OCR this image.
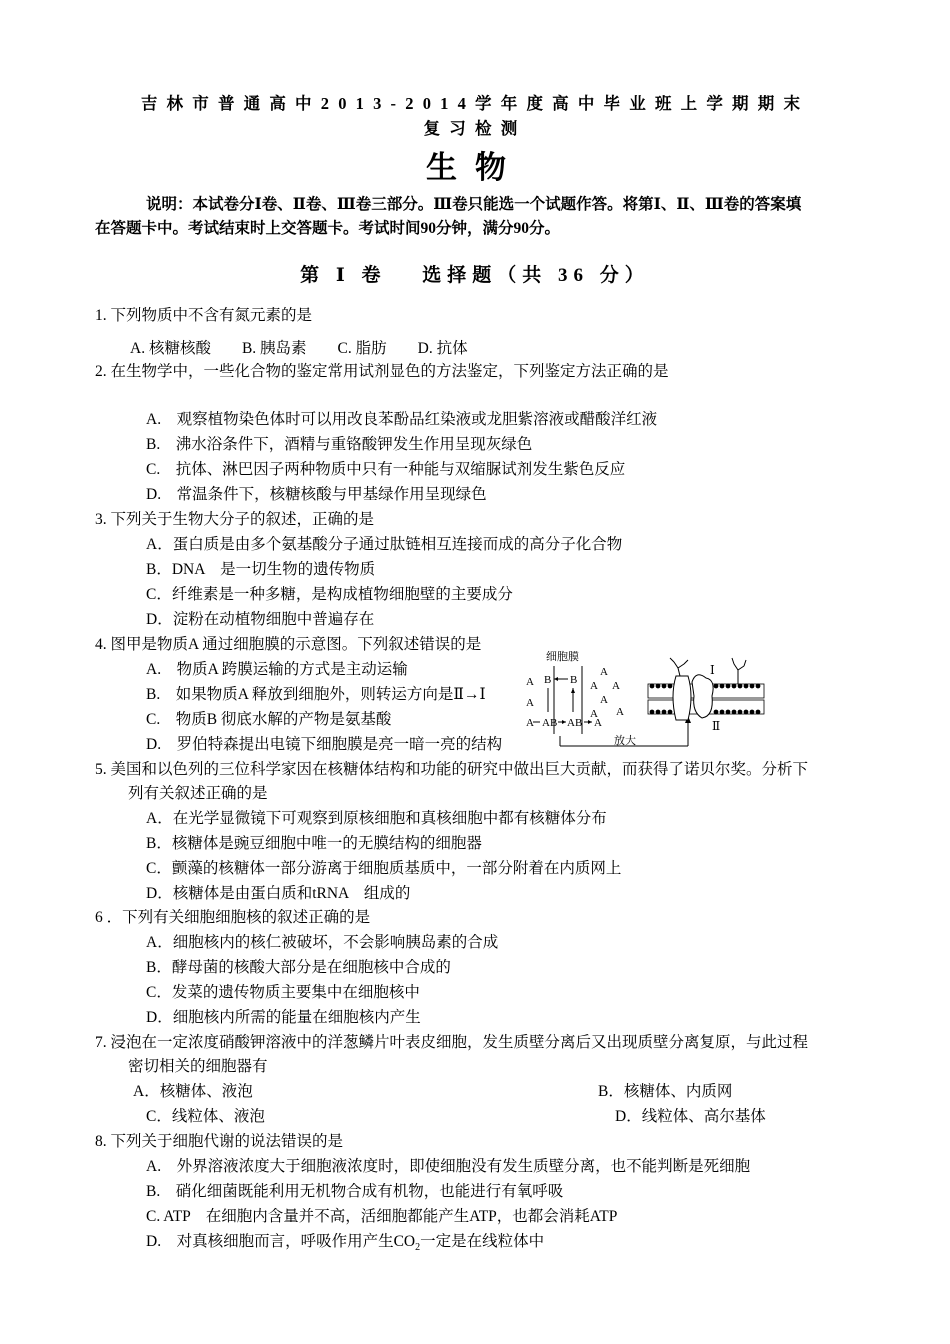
吉林市普通高中2013-2014学年度高中毕业班上学期期末
复习检测
生物
说明：本试卷分Ⅰ卷、Ⅱ卷、Ⅲ卷三部分。Ⅲ卷只能选一个试题作答。将第Ⅰ、Ⅱ、Ⅲ卷的答案填
在答题卡中。考试结束时上交答题卡。考试时间90分钟，满分90分。
第 Ⅰ 卷　 选择题（共 36 分）
1. 下列物质中不含有氮元素的是
A. 核糖核酸　　B. 胰岛素　　C. 脂肪　　D. 抗体
2. 在生物学中，一些化合物的鉴定常用试剂显色的方法鉴定，下列鉴定方法正确的是
A.　观察植物染色体时可以用改良苯酚品红染液或龙胆紫溶液或醋酸洋红液
B.　沸水浴条件下，酒精与重铬酸钾发生作用呈现灰绿色
C.　抗体、淋巴因子两种物质中只有一种能与双缩脲试剂发生紫色反应
D.　常温条件下，核糖核酸与甲基绿作用呈现绿色
3. 下列关于生物大分子的叙述，正确的是
A．蛋白质是由多个氨基酸分子通过肽链相互连接而成的高分子化合物
B．DNA　是一切生物的遗传物质
C．纤维素是一种多糖，是构成植物细胞壁的主要成分
D．淀粉在动植物细胞中普遍存在
4. 图甲是物质A 通过细胞膜的示意图。下列叙述错误的是
A.　物质A 跨膜运输的方式是主动运输
B.　如果物质A 释放到细胞外，则转运方向是Ⅱ→Ⅰ
C.　物质B 彻底水解的产物是氨基酸
D.　罗伯特森提出电镜下细胞膜是亮一暗一亮的结构
细胞膜
A B B
A
A AB AB A
A
A A
A
A A
放大
Ⅰ
Ⅱ
5. 美国和以色列的三位科学家因在核糖体结构和功能的研究中做出巨大贡献，而获得了诺贝尔奖。分析下
列有关叙述正确的是
A．在光学显微镜下可观察到原核细胞和真核细胞中都有核糖体分布
B．核糖体是豌豆细胞中唯一的无膜结构的细胞器
C．颤藻的核糖体一部分游离于细胞质基质中，一部分附着在内质网上
D．核糖体是由蛋白质和tRNA　组成的
6 ．下列有关细胞细胞核的叙述正确的是
A．细胞核内的核仁被破坏，不会影响胰岛素的合成
B．酵母菌的核酸大部分是在细胞核中合成的
C．发菜的遗传物质主要集中在细胞核中
D．细胞核内所需的能量在细胞核内产生
7. 浸泡在一定浓度硝酸钾溶液中的洋葱鳞片叶表皮细胞，发生质壁分离后又出现质壁分离复原，与此过程
密切相关的细胞器有
A．核糖体、液泡	B．核糖体、内质网
C．线粒体、液泡	D．线粒体、高尔基体
8. 下列关于细胞代谢的说法错误的是
A.　外界溶液浓度大于细胞液浓度时，即使细胞没有发生质壁分离，也不能判断是死细胞
B.　硝化细菌既能利用无机物合成有机物，也能进行有氧呼吸
C. ATP　在细胞内含量并不高，活细胞都能产生ATP，也都会消耗ATP
D.　对真核细胞而言，呼吸作用产生$CO_2$一定是在线粒体中
